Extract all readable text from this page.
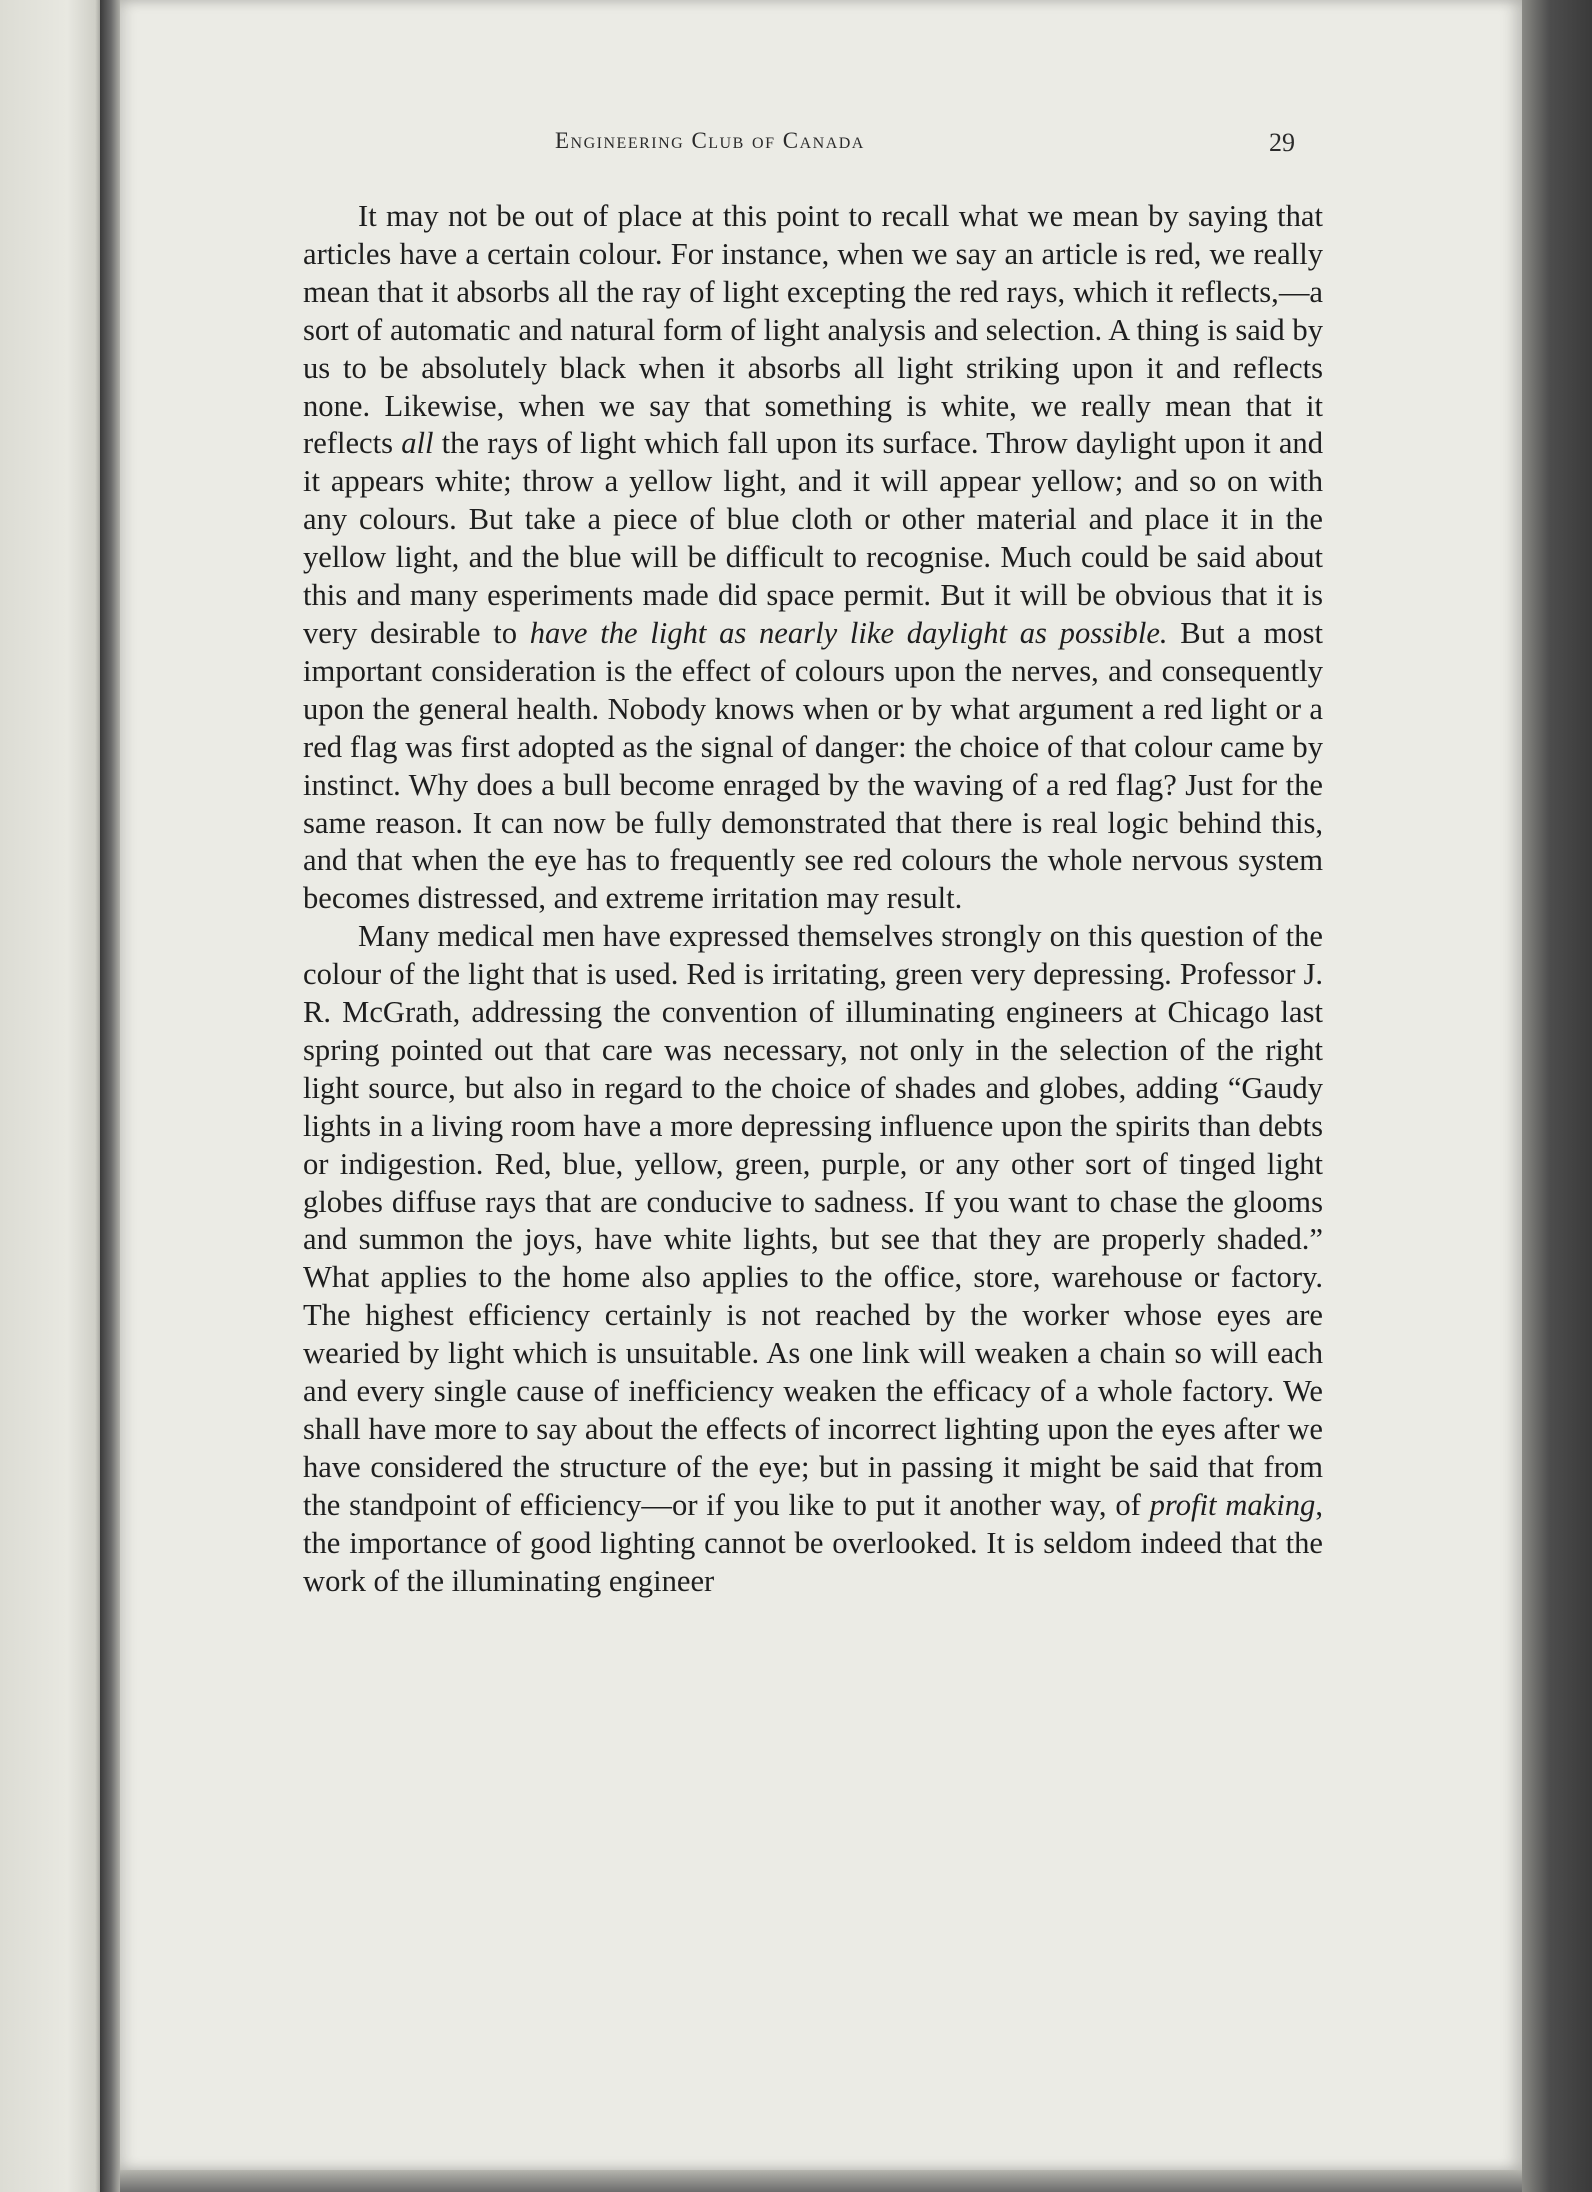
Engineering Club of Canada	29

It may not be out of place at this point to recall what we mean by saying that articles have a certain colour. For instance, when we say an article is red, we really mean that it absorbs all the ray of light excepting the red rays, which it reflects,—a sort of automatic and natural form of light analysis and selection. A thing is said by us to be absolutely black when it absorbs all light striking upon it and reflects none. Likewise, when we say that something is white, we really mean that it reflects all the rays of light which fall upon its surface. Throw daylight upon it and it appears white; throw a yellow light, and it will appear yellow; and so on with any colours. But take a piece of blue cloth or other material and place it in the yellow light, and the blue will be difficult to recognise. Much could be said about this and many esperiments made did space permit. But it will be obvious that it is very desirable to have the light as nearly like daylight as possible. But a most important consideration is the effect of colours upon the nerves, and consequently upon the general health. Nobody knows when or by what argument a red light or a red flag was first adopted as the signal of danger: the choice of that colour came by instinct. Why does a bull become enraged by the waving of a red flag? Just for the same reason. It can now be fully demonstrated that there is real logic behind this, and that when the eye has to frequently see red colours the whole nervous system becomes distressed, and extreme irritation may result.

Many medical men have expressed themselves strongly on this question of the colour of the light that is used. Red is irritating, green very depressing. Professor J. R. McGrath, addressing the convention of illuminating engineers at Chicago last spring pointed out that care was necessary, not only in the selection of the right light source, but also in regard to the choice of shades and globes, adding “Gaudy lights in a living room have a more depressing influence upon the spirits than debts or indigestion. Red, blue, yellow, green, purple, or any other sort of tinged light globes diffuse rays that are conducive to sadness. If you want to chase the glooms and summon the joys, have white lights, but see that they are properly shaded.” What applies to the home also applies to the office, store, warehouse or factory. The highest efficiency certainly is not reached by the worker whose eyes are wearied by light which is unsuitable. As one link will weaken a chain so will each and every single cause of inefficiency weaken the efficacy of a whole factory. We shall have more to say about the effects of incorrect lighting upon the eyes after we have considered the structure of the eye; but in passing it might be said that from the standpoint of efficiency—or if you like to put it another way, of profit making, the importance of good lighting cannot be overlooked. It is seldom indeed that the work of the illuminating engineer
